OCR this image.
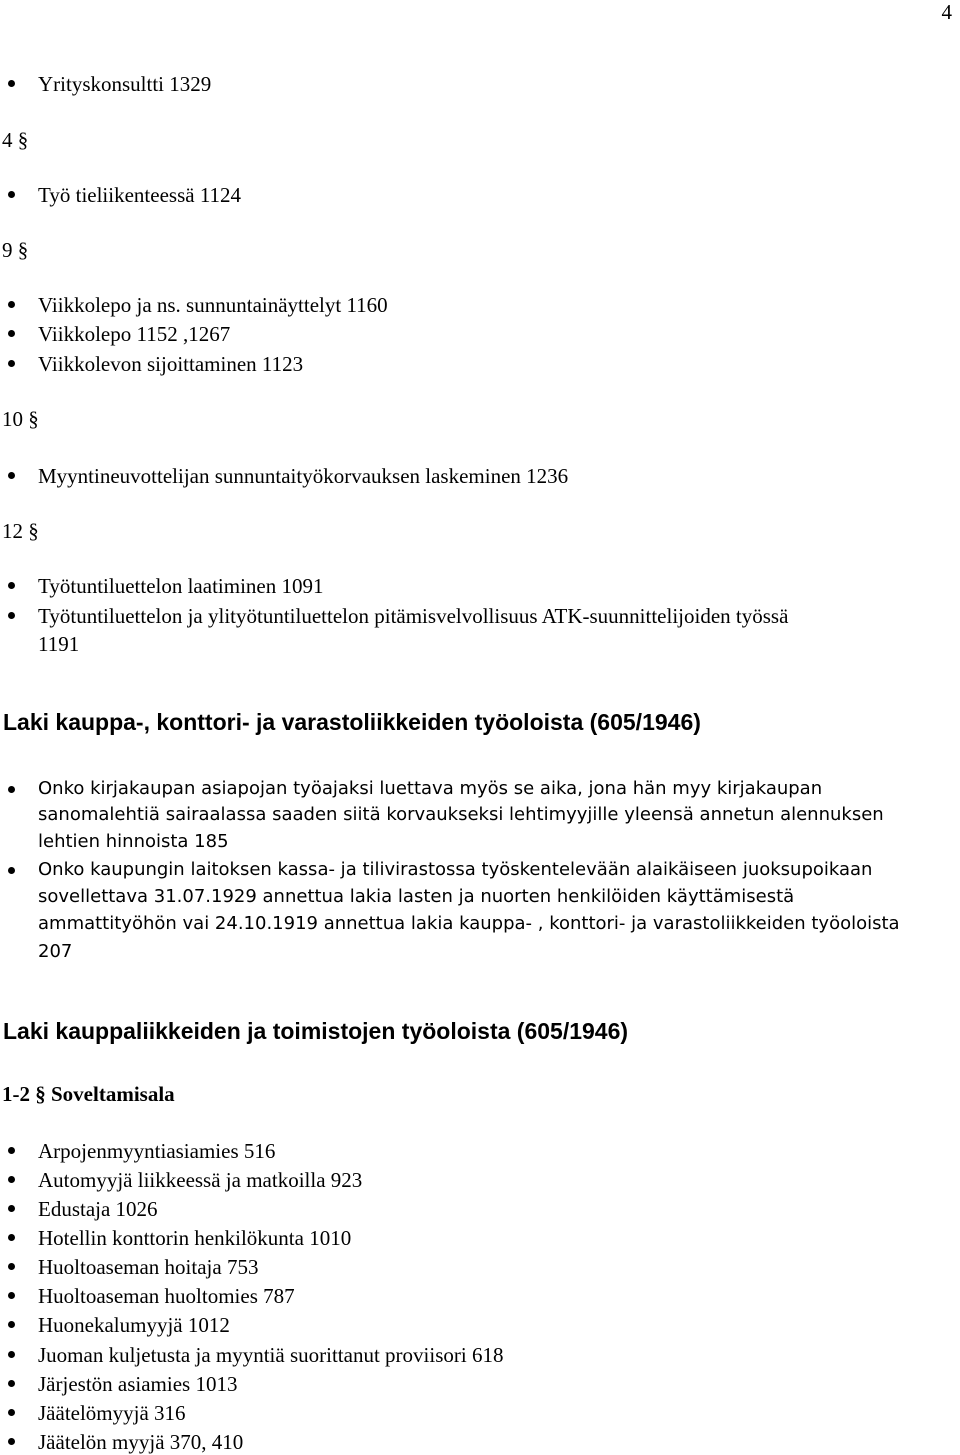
4
Yrityskonsultti 1329
4 §
Työ tieliikenteessä 1124
9 §
Viikkolepo ja ns. sunnuntainäyttelyt 1160
Viikkolepo 1152 ,1267
Viikkolevon sijoittaminen 1123
10 §
Myyntineuvottelijan sunnuntaityökorvauksen laskeminen 1236
12 §
Työtuntiluettelon laatiminen 1091
Työtuntiluettelon ja ylityötuntiluettelon pitämisvelvollisuus ATK-suunnittelijoiden työssä
1191
Laki kauppa-, konttori- ja varastoliikkeiden työoloista (605/1946)
Onko kirjakaupan asiapojan työajaksi luettava myös se aika, jona hän myy kirjakaupan
sanomalehtiä sairaalassa saaden siitä korvaukseksi lehtimyyjille yleensä annetun alennuksen
lehtien hinnoista 185
Onko kaupungin laitoksen kassa- ja tilivirastossa työskentelevään alaikäiseen juoksupoikaan
sovellettava 31.07.1929 annettua lakia lasten ja nuorten henkilöiden käyttämisestä
ammattityöhön vai 24.10.1919 annettua lakia kauppa- , konttori- ja varastoliikkeiden työoloista
207
Laki kauppaliikkeiden ja toimistojen työoloista (605/1946)
1-2 § Soveltamisala
Arpojenmyyntiasiamies 516
Automyyjä liikkeessä ja matkoilla 923
Edustaja 1026
Hotellin konttorin henkilökunta 1010
Huoltoaseman hoitaja 753
Huoltoaseman huoltomies 787
Huonekalumyyjä 1012
Juoman kuljetusta ja myyntiä suorittanut proviisori 618
Järjestön asiamies 1013
Jäätelömyyjä 316
Jäätelön myyjä 370, 410
